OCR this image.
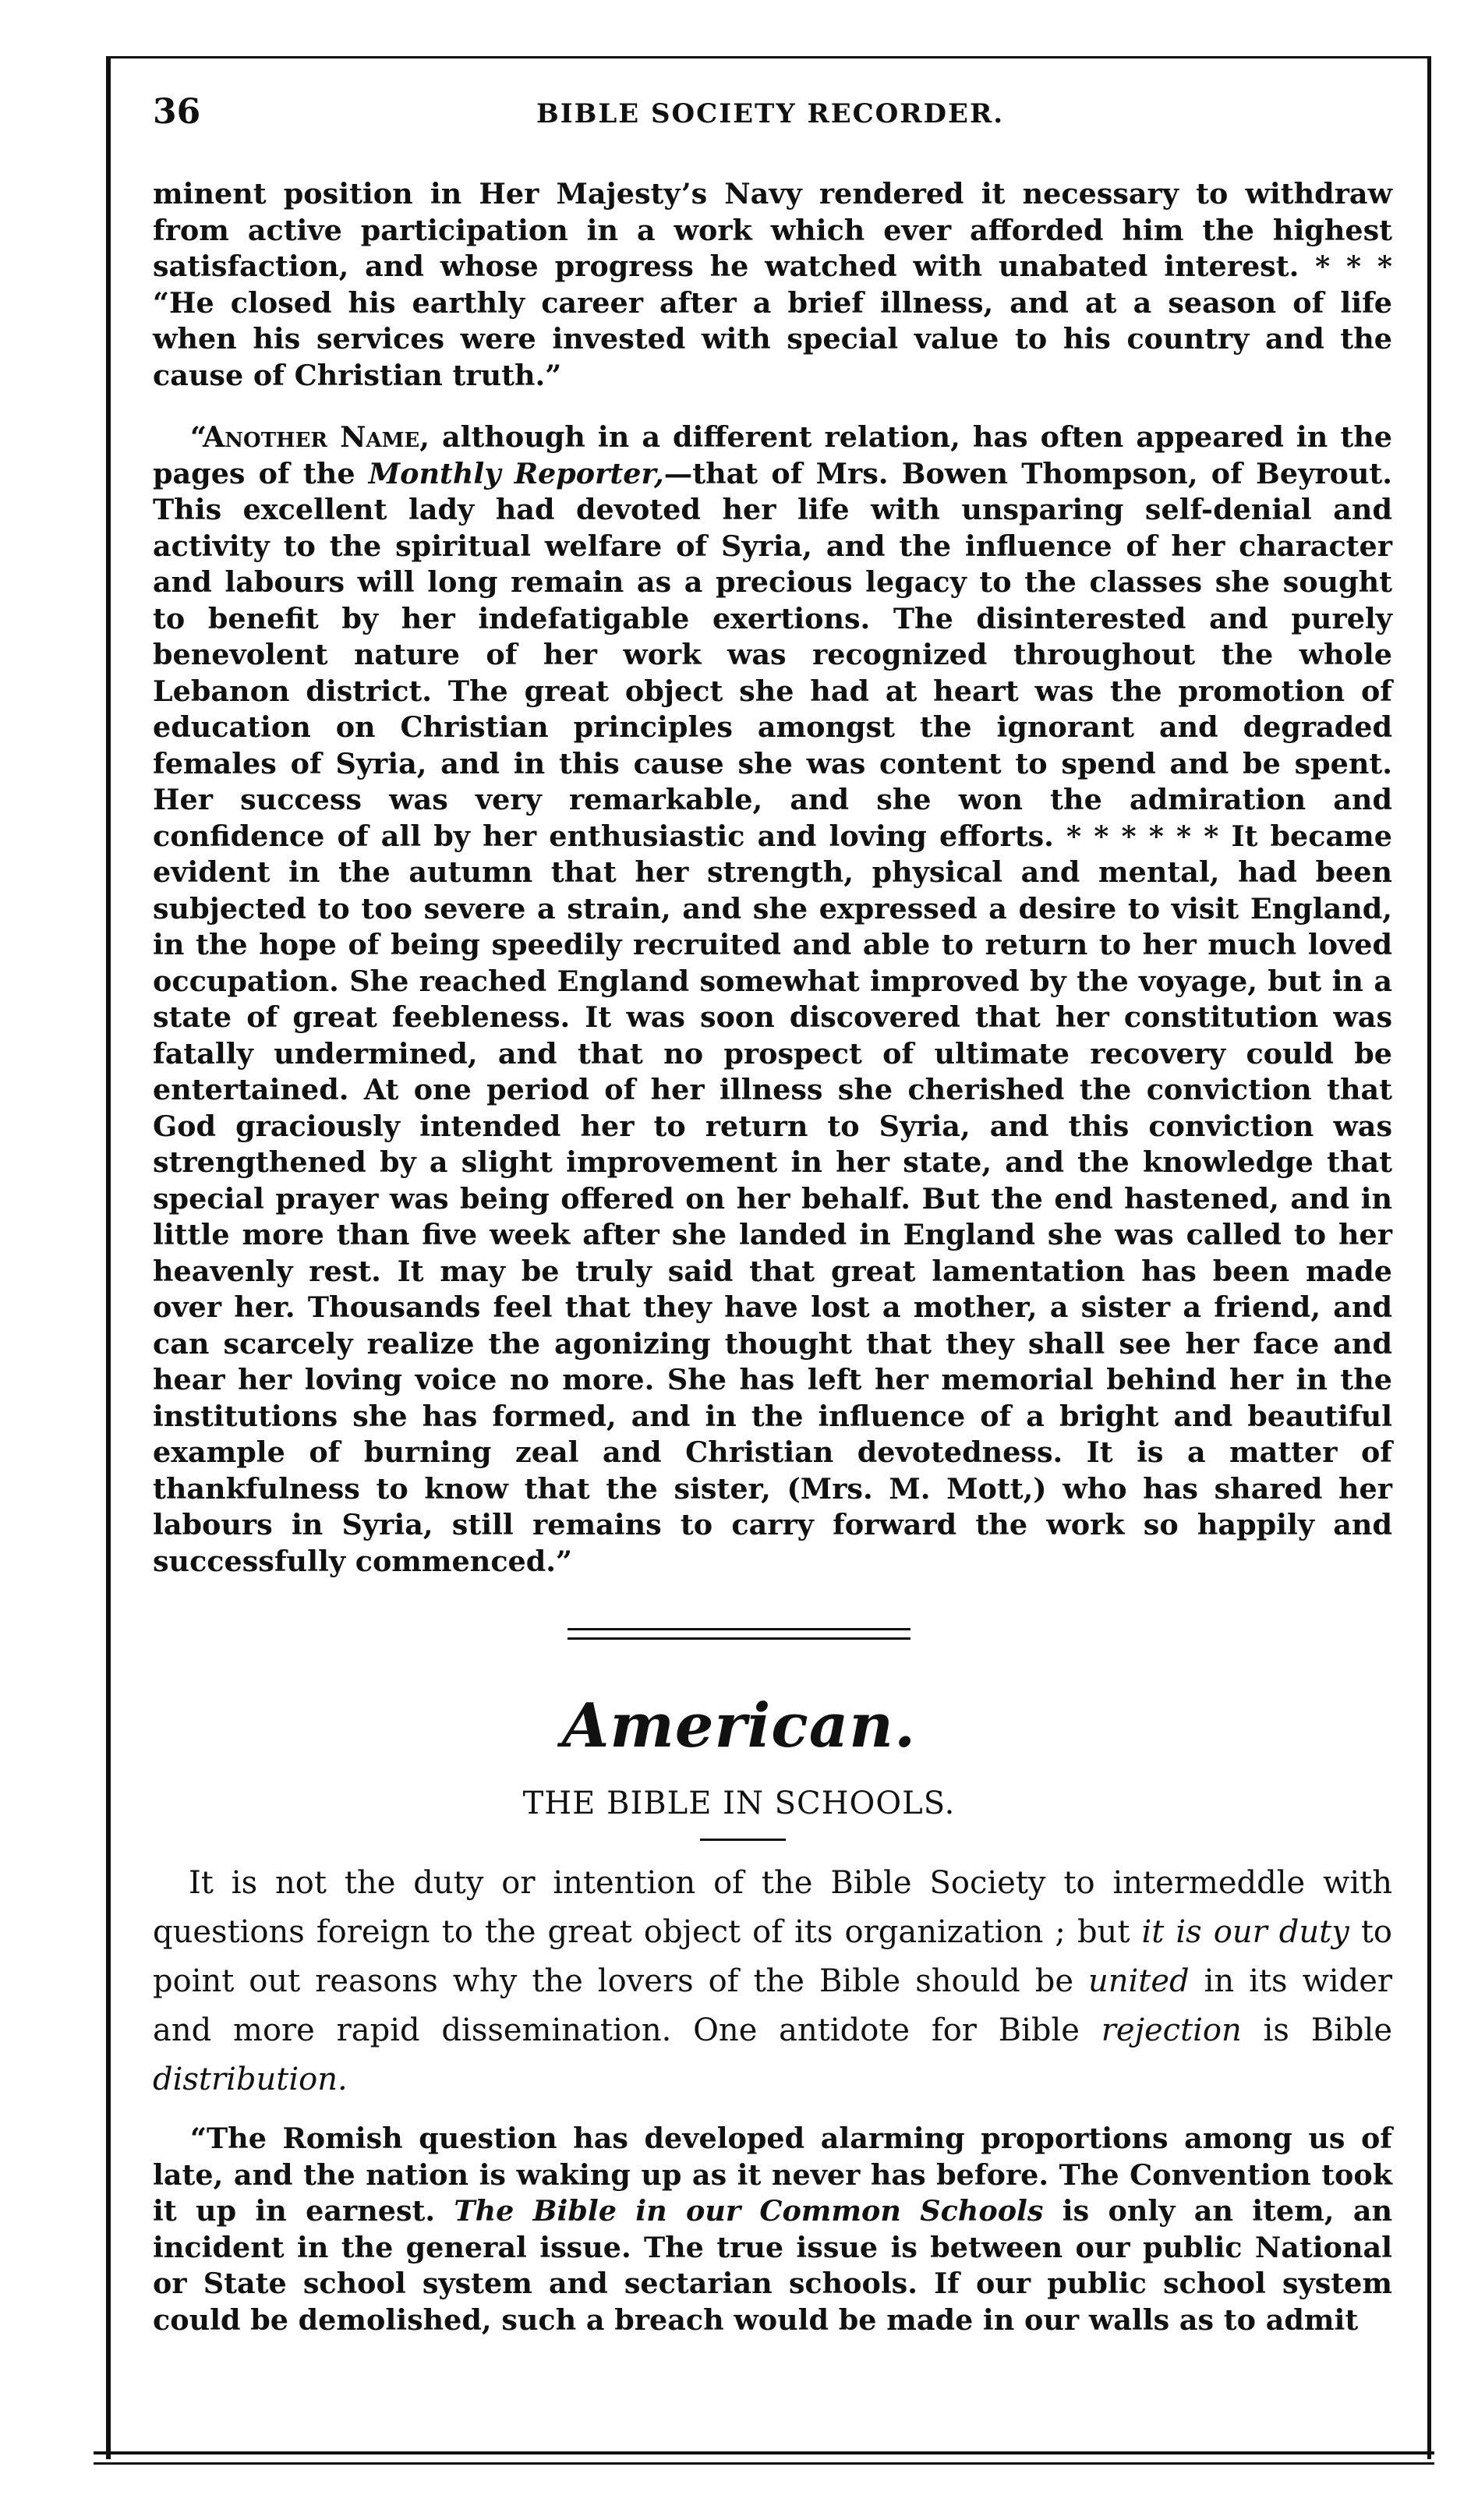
36	BIBLE SOCIETY RECORDER.

minent position in Her Majesty’s Navy rendered it necessary to withdraw from active participation in a work which ever afforded him the highest satisfaction, and whose progress he watched with unabated interest. * * * “He closed his earthly career after a brief illness, and at a season of life when his services were invested with special value to his country and the cause of Christian truth.”

“Another Name, although in a different relation, has often appeared in the pages of the Monthly Reporter,—that of Mrs. Bowen Thompson, of Beyrout. This excellent lady had devoted her life with unsparing self-denial and activity to the spiritual welfare of Syria, and the influence of her character and labours will long remain as a precious legacy to the classes she sought to benefit by her indefatigable exertions. The disinterested and purely benevolent nature of her work was recognized throughout the whole Lebanon district. The great object she had at heart was the promotion of education on Christian principles amongst the ignorant and degraded females of Syria, and in this cause she was content to spend and be spent. Her success was very remarkable, and she won the admiration and confidence of all by her enthusiastic and loving efforts. * * * * * * It became evident in the autumn that her strength, physical and mental, had been subjected to too severe a strain, and she expressed a desire to visit England, in the hope of being speedily recruited and able to return to her much loved occupation. She reached England somewhat improved by the voyage, but in a state of great feebleness. It was soon discovered that her constitution was fatally undermined, and that no prospect of ultimate recovery could be entertained. At one period of her illness she cherished the conviction that God graciously intended her to return to Syria, and this conviction was strengthened by a slight improvement in her state, and the knowledge that special prayer was being offered on her behalf. But the end hastened, and in little more than five week after she landed in England she was called to her heavenly rest. It may be truly said that great lamentation has been made over her. Thousands feel that they have lost a mother, a sister a friend, and can scarcely realize the agonizing thought that they shall see her face and hear her loving voice no more. She has left her memorial behind her in the institutions she has formed, and in the influence of a bright and beautiful example of burning zeal and Christian devotedness. It is a matter of thankfulness to know that the sister, (Mrs. M. Mott,) who has shared her labours in Syria, still remains to carry forward the work so happily and successfully commenced.”

American.
THE BIBLE IN SCHOOLS.

It is not the duty or intention of the Bible Society to intermeddle with questions foreign to the great object of its organization ; but it is our duty to point out reasons why the lovers of the Bible should be united in its wider and more rapid dissemination. One antidote for Bible rejection is Bible distribution.

“The Romish question has developed alarming proportions among us of late, and the nation is waking up as it never has before. The Convention took it up in earnest. The Bible in our Common Schools is only an item, an incident in the general issue. The true issue is between our public National or State school system and sectarian schools. If our public school system could be demolished, such a breach would be made in our walls as to admit
